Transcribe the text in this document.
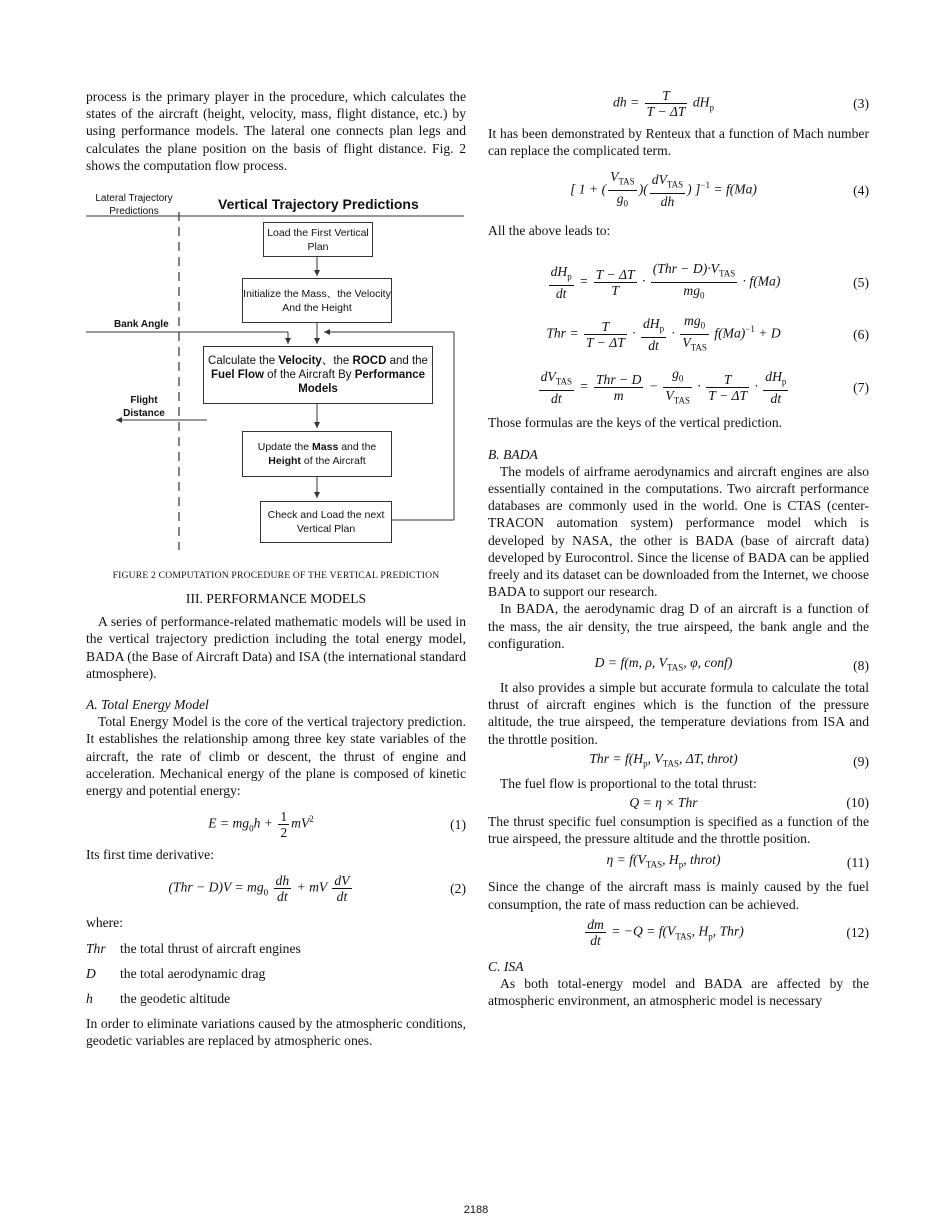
process is the primary player in the procedure, which calculates the states of the aircraft (height, velocity, mass, flight distance, etc.) by using performance models. The lateral one connects plan legs and calculates the plane position on the basis of flight distance. Fig. 2 shows the computation flow process.

Lateral Trajectory Predictions	Vertical Trajectory Predictions
Load the First Vertical Plan
Initialize the Mass、the Velocity And the Height
Bank Angle
Calculate the Velocity、the ROCD and the Fuel Flow of the Aircraft By Performance Models
Flight Distance
Update the Mass and the Height of the Aircraft
Check and Load the next Vertical Plan
FIGURE 2 COMPUTATION PROCEDURE OF THE VERTICAL PREDICTION

III. PERFORMANCE MODELS

A series of performance-related mathematic models will be used in the vertical trajectory prediction including the total energy model, BADA (the Base of Aircraft Data) and ISA (the international standard atmosphere).

A. Total Energy Model

Total Energy Model is the core of the vertical trajectory prediction. It establishes the relationship among three key state variables of the aircraft, the rate of climb or descent, the thrust of engine and acceleration. Mechanical energy of the plane is composed of kinetic energy and potential energy:

$E = mg_0h + \frac{1}{2} mV^2$	(1)

Its first time derivative:

$(Thr - D)V = mg_0 \frac{dh}{dt}$ + mV $\frac{dV}{dt}$	(2)

where:

Thr	the total thrust of aircraft engines
D	the total aerodynamic drag
h	the geodetic altitude

In order to eliminate variations caused by the atmospheric conditions, geodetic variables are replaced by atmospheric ones.

dh = $\frac{T}{T - \Delta T} dH_p$	(3)

It has been demonstrated by Renteux that a function of Mach number can replace the complicated term.

[ 1 + ( $\frac{V_{TAS}}{g_0}$ )( $\frac{dV_{TAS}}{dh}$ ) ]$^{-1}$ = f(Ma)	(4)

All the above leads to:

$\frac{dH_p}{dt} = \frac{T - \Delta T}{T} \cdot \frac{(Thr - D)\cdot V_{TAS}}{mg_0} \cdot f(Ma)$	(5)
Thr = $\frac{T}{T - \Delta T} \cdot \frac{dH_p}{dt} \cdot \frac{mg_0}{V_{TAS}} f(Ma)^{-1} + D$	(6)
$\frac{dV_{TAS}}{dt} = \frac{\text{Thr − D}}{m} - \frac{g_0}{V_{TAS}} \cdot \frac{T}{T - \Delta T} \cdot \frac{dH_p}{dt}$	(7)

Those formulas are the keys of the vertical prediction.

B. BADA

The models of airframe aerodynamics and aircraft engines are also essentially contained in the computations. Two aircraft performance databases are commonly used in the world. One is CTAS (center-TRACON automation system) performance model which is developed by NASA, the other is BADA (base of aircraft data) developed by Eurocontrol. Since the license of BADA can be applied freely and its dataset can be downloaded from the Internet, we choose BADA to support our research.

In BADA, the aerodynamic drag D of an aircraft is a function of the mass, the air density, the true airspeed, the bank angle and the configuration.

D = f(m, ρ, $V_{TAS}$, φ, conf)	(8)

It also provides a simple but accurate formula to calculate the total thrust of aircraft engines which is the function of the pressure altitude, the true airspeed, the temperature deviations from ISA and the throttle position.

Thr = $f(H_p$, $V_{TAS}$, ΔT, throt)	(9)

The fuel flow is proportional to the total thrust:

Q = η × Thr	(10)

The thrust specific fuel consumption is specified as a function of the true airspeed, the pressure altitude and the throttle position.

$\eta = f(V_{TAS}$, $H_p$, throt)	(11)

Since the change of the aircraft mass is mainly caused by the fuel consumption, the rate of mass reduction can be achieved.

$\frac{dm}{dt} = -Q = f(V_{TAS}$, $H_p$, Thr)	(12)

C. ISA

As both total-energy model and BADA are affected by the atmospheric environment, an atmospheric model is necessary

2188
